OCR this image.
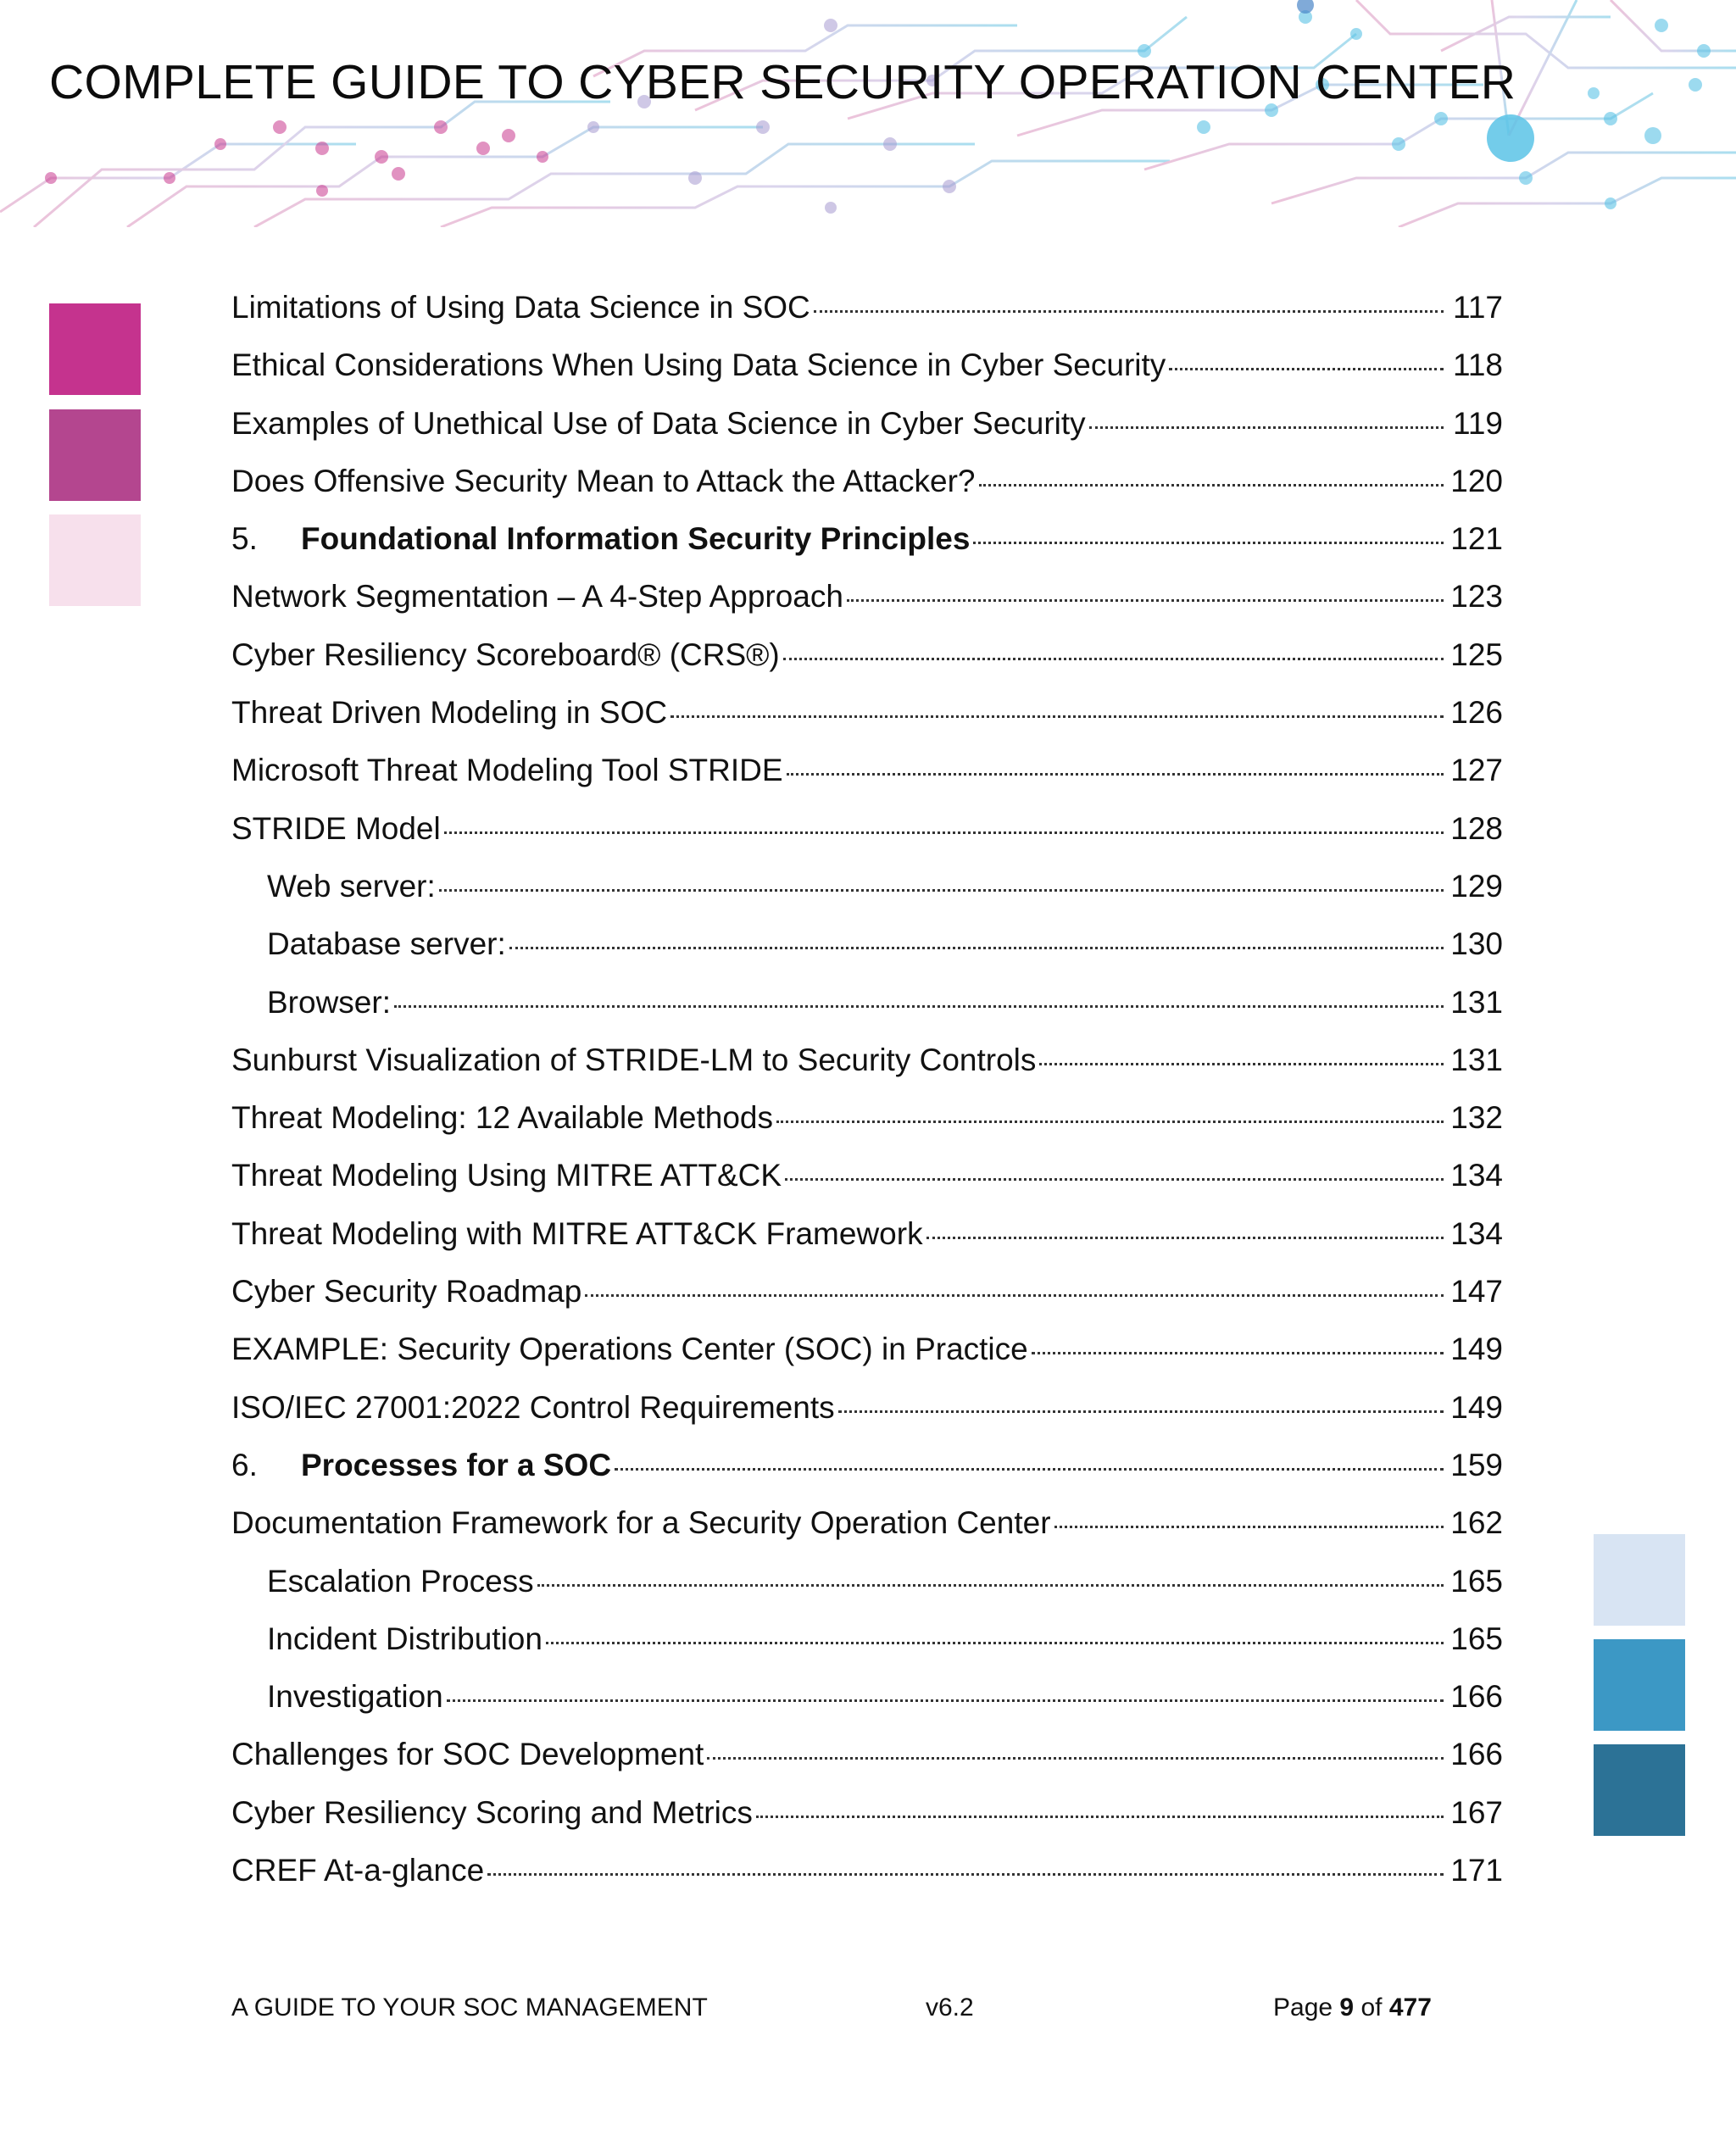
COMPLETE GUIDE TO CYBER SECURITY OPERATION CENTER
Limitations of Using Data Science in SOC	117
Ethical Considerations When Using Data Science in Cyber Security	118
Examples of Unethical Use of Data Science in Cyber Security	119
Does Offensive Security Mean to Attack the Attacker?	120
5.	Foundational Information Security Principles	121
Network Segmentation – A 4-Step Approach	123
Cyber Resiliency Scoreboard® (CRS®)	125
Threat Driven Modeling in SOC	126
Microsoft Threat Modeling Tool STRIDE	127
STRIDE Model	128
Web server:	129
Database server:	130
Browser:	131
Sunburst Visualization of STRIDE-LM to Security Controls	131
Threat Modeling: 12 Available Methods	132
Threat Modeling Using MITRE ATT&CK	134
Threat Modeling with MITRE ATT&CK Framework	134
Cyber Security Roadmap	147
EXAMPLE: Security Operations Center (SOC) in Practice	149
ISO/IEC 27001:2022 Control Requirements	149
6.	Processes for a SOC	159
Documentation Framework for a Security Operation Center	162
Escalation Process	165
Incident Distribution	165
Investigation	166
Challenges for SOC Development	166
Cyber Resiliency Scoring and Metrics	167
CREF At-a-glance	171
A GUIDE TO YOUR SOC MANAGEMENT	v6.2	Page 9 of 477
